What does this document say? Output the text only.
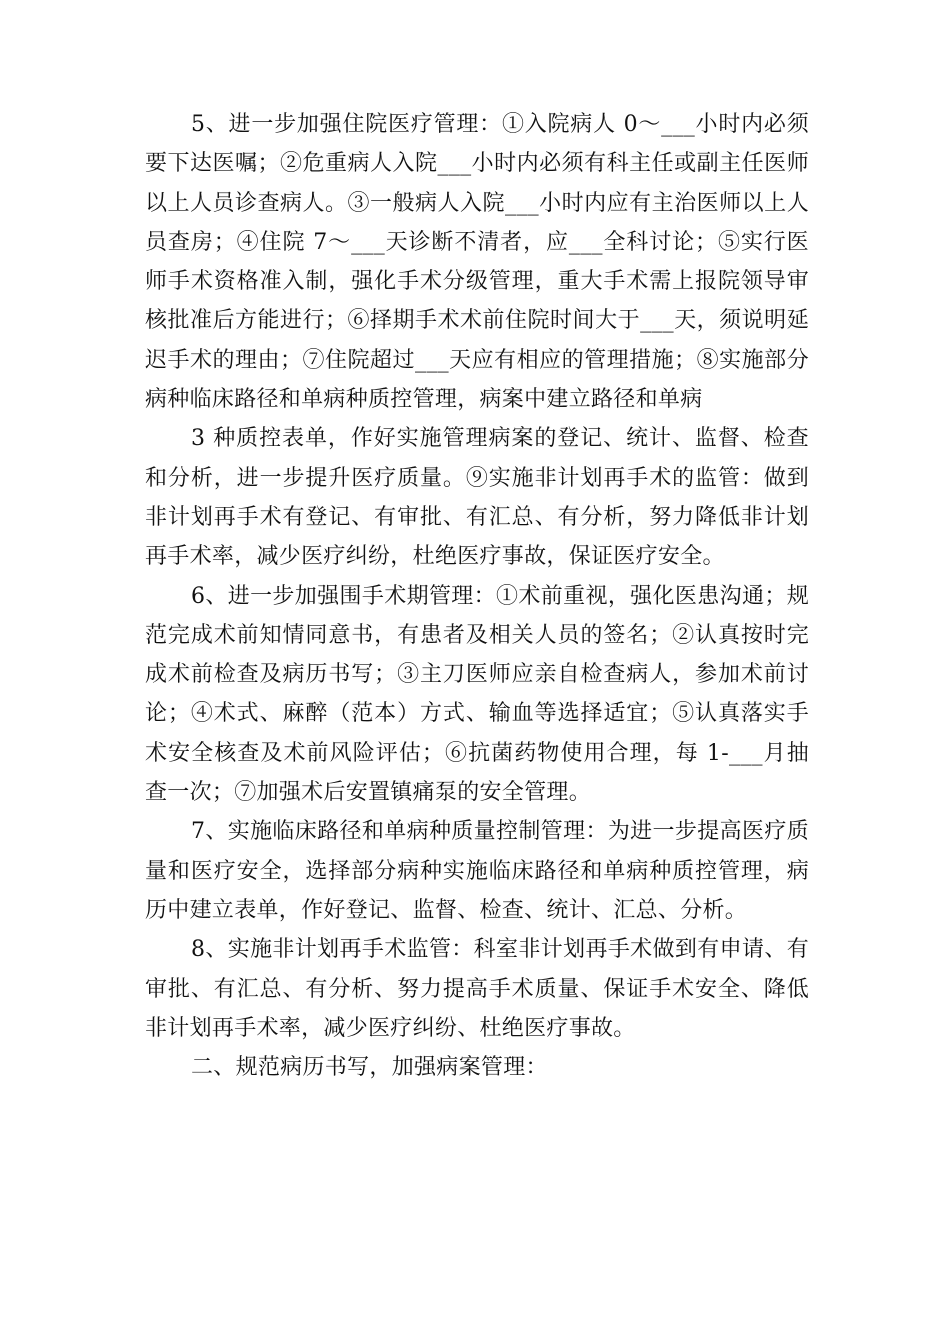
5、进一步加强住院医疗管理：①入院病人 0～___小时内必须要下达医嘱；②危重病人入院___小时内必须有科主任或副主任医师以上人员诊查病人。③一般病人入院___小时内应有主治医师以上人员查房；④住院 7～___天诊断不清者，应___全科讨论；⑤实行医师手术资格准入制，强化手术分级管理，重大手术需上报院领导审核批准后方能进行；⑥择期手术术前住院时间大于___天，须说明延迟手术的理由；⑦住院超过___天应有相应的管理措施；⑧实施部分病种临床路径和单病种质控管理，病案中建立路径和单病

3 种质控表单，作好实施管理病案的登记、统计、监督、检查和分析，进一步提升医疗质量。⑨实施非计划再手术的监管：做到非计划再手术有登记、有审批、有汇总、有分析，努力降低非计划再手术率，减少医疗纠纷，杜绝医疗事故，保证医疗安全。

6、进一步加强围手术期管理：①术前重视，强化医患沟通；规范完成术前知情同意书，有患者及相关人员的签名；②认真按时完成术前检查及病历书写；③主刀医师应亲自检查病人，参加术前讨论；④术式、麻醉（范本）方式、输血等选择适宜；⑤认真落实手术安全核查及术前风险评估；⑥抗菌药物使用合理，每 1-___月抽查一次；⑦加强术后安置镇痛泵的安全管理。

7、实施临床路径和单病种质量控制管理：为进一步提高医疗质量和医疗安全，选择部分病种实施临床路径和单病种质控管理，病历中建立表单，作好登记、监督、检查、统计、汇总、分析。

8、实施非计划再手术监管：科室非计划再手术做到有申请、有审批、有汇总、有分析、努力提高手术质量、保证手术安全、降低非计划再手术率，减少医疗纠纷、杜绝医疗事故。

二、规范病历书写，加强病案管理：
